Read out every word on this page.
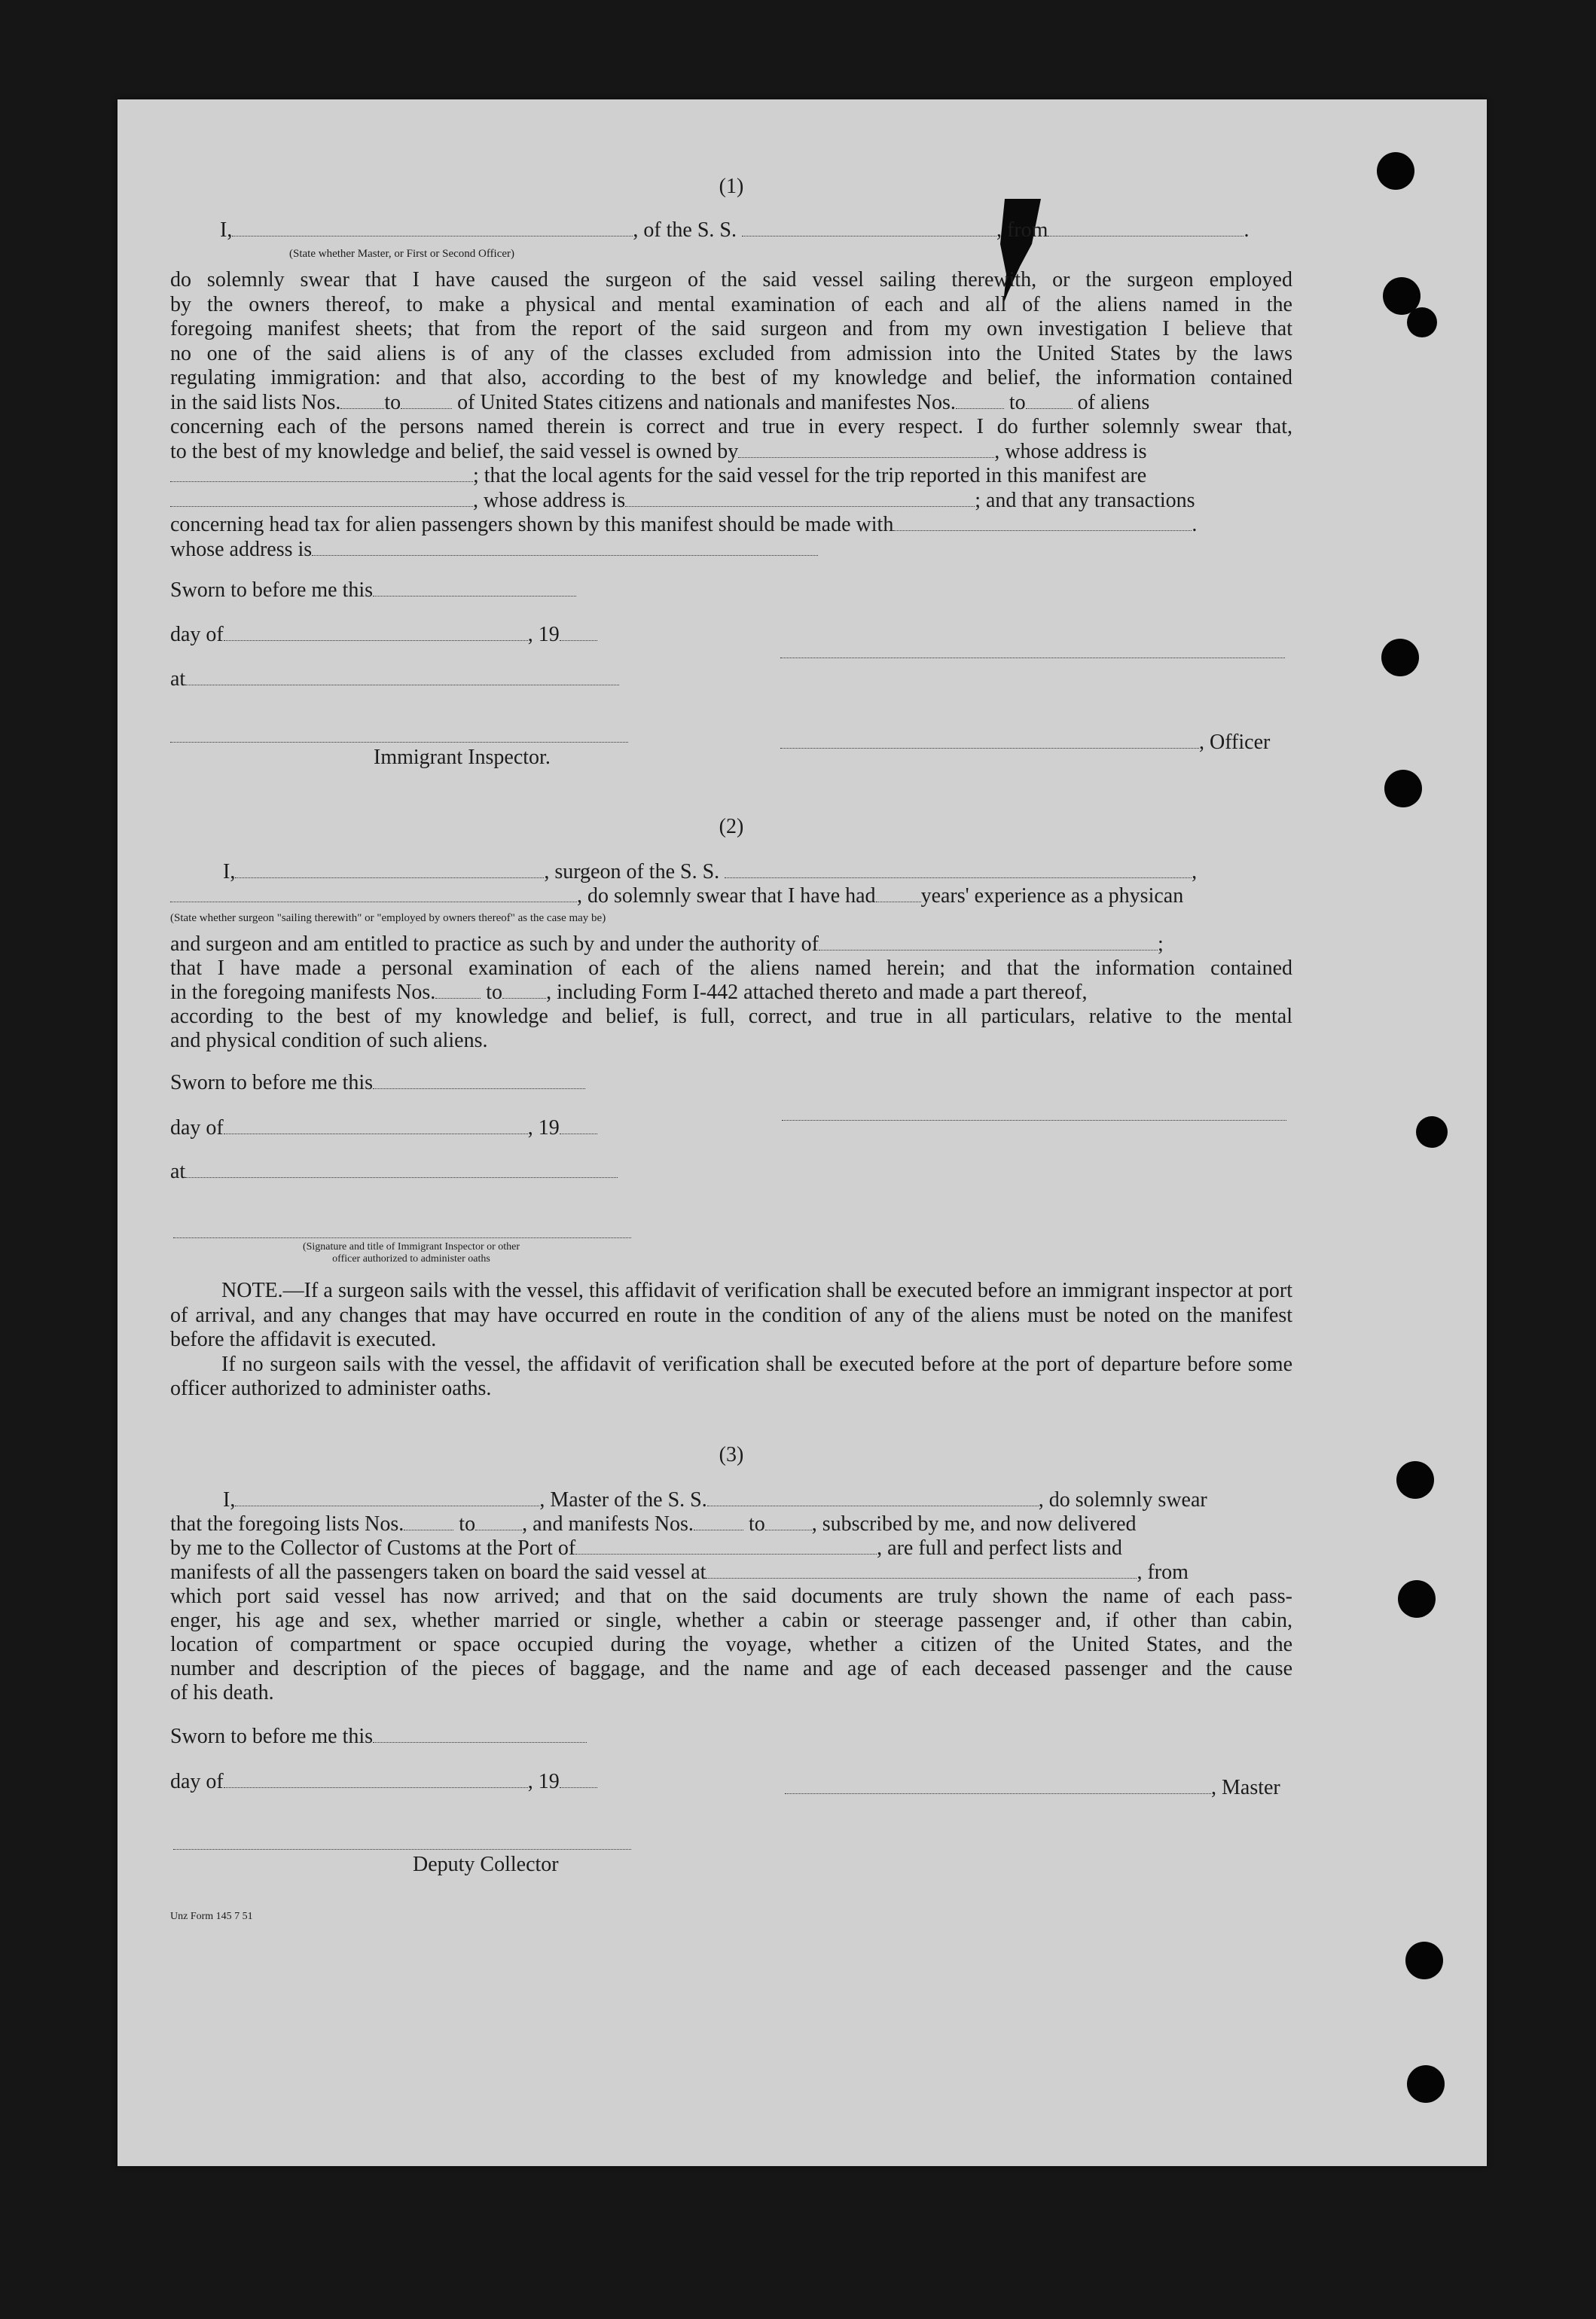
(1)
I,	, of the S. S.	, from	.
(State whether Master, or First or Second Officer)
do solemnly swear that I have caused the surgeon of the said vessel sailing therewith, or the surgeon employed
by the owners thereof, to make a physical and mental examination of each and all of the aliens named in the
foregoing manifest sheets; that from the report of the said surgeon and from my own investigation I believe that
no one of the said aliens is of any of the classes excluded from admission into the United States by the laws
regulating immigration: and that also, according to the best of my knowledge and belief, the information contained
in the said lists Nos. to	of United States citizens and nationals and manifestes Nos.	to of aliens
concerning each of the persons named therein is correct and true in every respect. I do further solemnly swear that,
to the best of my knowledge and belief, the said vessel is owned by	, whose address is
; that the local agents for the said vessel for the trip reported in this manifest are
, whose address is	; and that any transactions
concerning head tax for alien passengers shown by this manifest should be made with	.
whose address is
Sworn to before me this
day of	, 19
at
, Officer
Immigrant Inspector.
(2)
I,	, surgeon of the S. S.	,
, do solemnly swear that I have had years' experience as a physican
(State whether surgeon "sailing therewith" or "employed by owners thereof" as the case may be)
and surgeon and am entitled to practice as such by and under the authority of	;
that I have made a personal examination of each of the aliens named herein; and that the information contained
in the foregoing manifests Nos. to , including Form I-442 attached thereto and made a part thereof,
according to the best of my knowledge and belief, is full, correct, and true in all particulars, relative to the mental
and physical condition of such aliens.
Sworn to before me this
day of	, 19
at
(Signature and title of Immigrant Inspector or other officer authorized to administer oaths

NOTE.—If a surgeon sails with the vessel, this affidavit of verification shall be executed before an immigrant inspector at port of arrival, and any changes that may have occurred en route in the condition of any of the aliens must be noted on the manifest before the affidavit is executed.

If no surgeon sails with the vessel, the affidavit of verification shall be executed before at the port of departure before some officer authorized to administer oaths.

(3)
I,	, Master of the S. S.	, do solemnly swear
that the foregoing lists Nos.	to , and manifests Nos.	to , subscribed by me, and now delivered
by me to the Collector of Customs at the Port of	, are full and perfect lists and
manifests of all the passengers taken on board the said vessel at	, from
which port said vessel has now arrived; and that on the said documents are truly shown the name of each pass-
enger, his age and sex, whether married or single, whether a cabin or steerage passenger and, if other than cabin,
location of compartment or space occupied during the voyage, whether a citizen of the United States, and the
number and description of the pieces of baggage, and the name and age of each deceased passenger and the cause
of his death.
Sworn to before me this
day of	, 19	, Master
Deputy Collector
Unz Form 145 7 51
